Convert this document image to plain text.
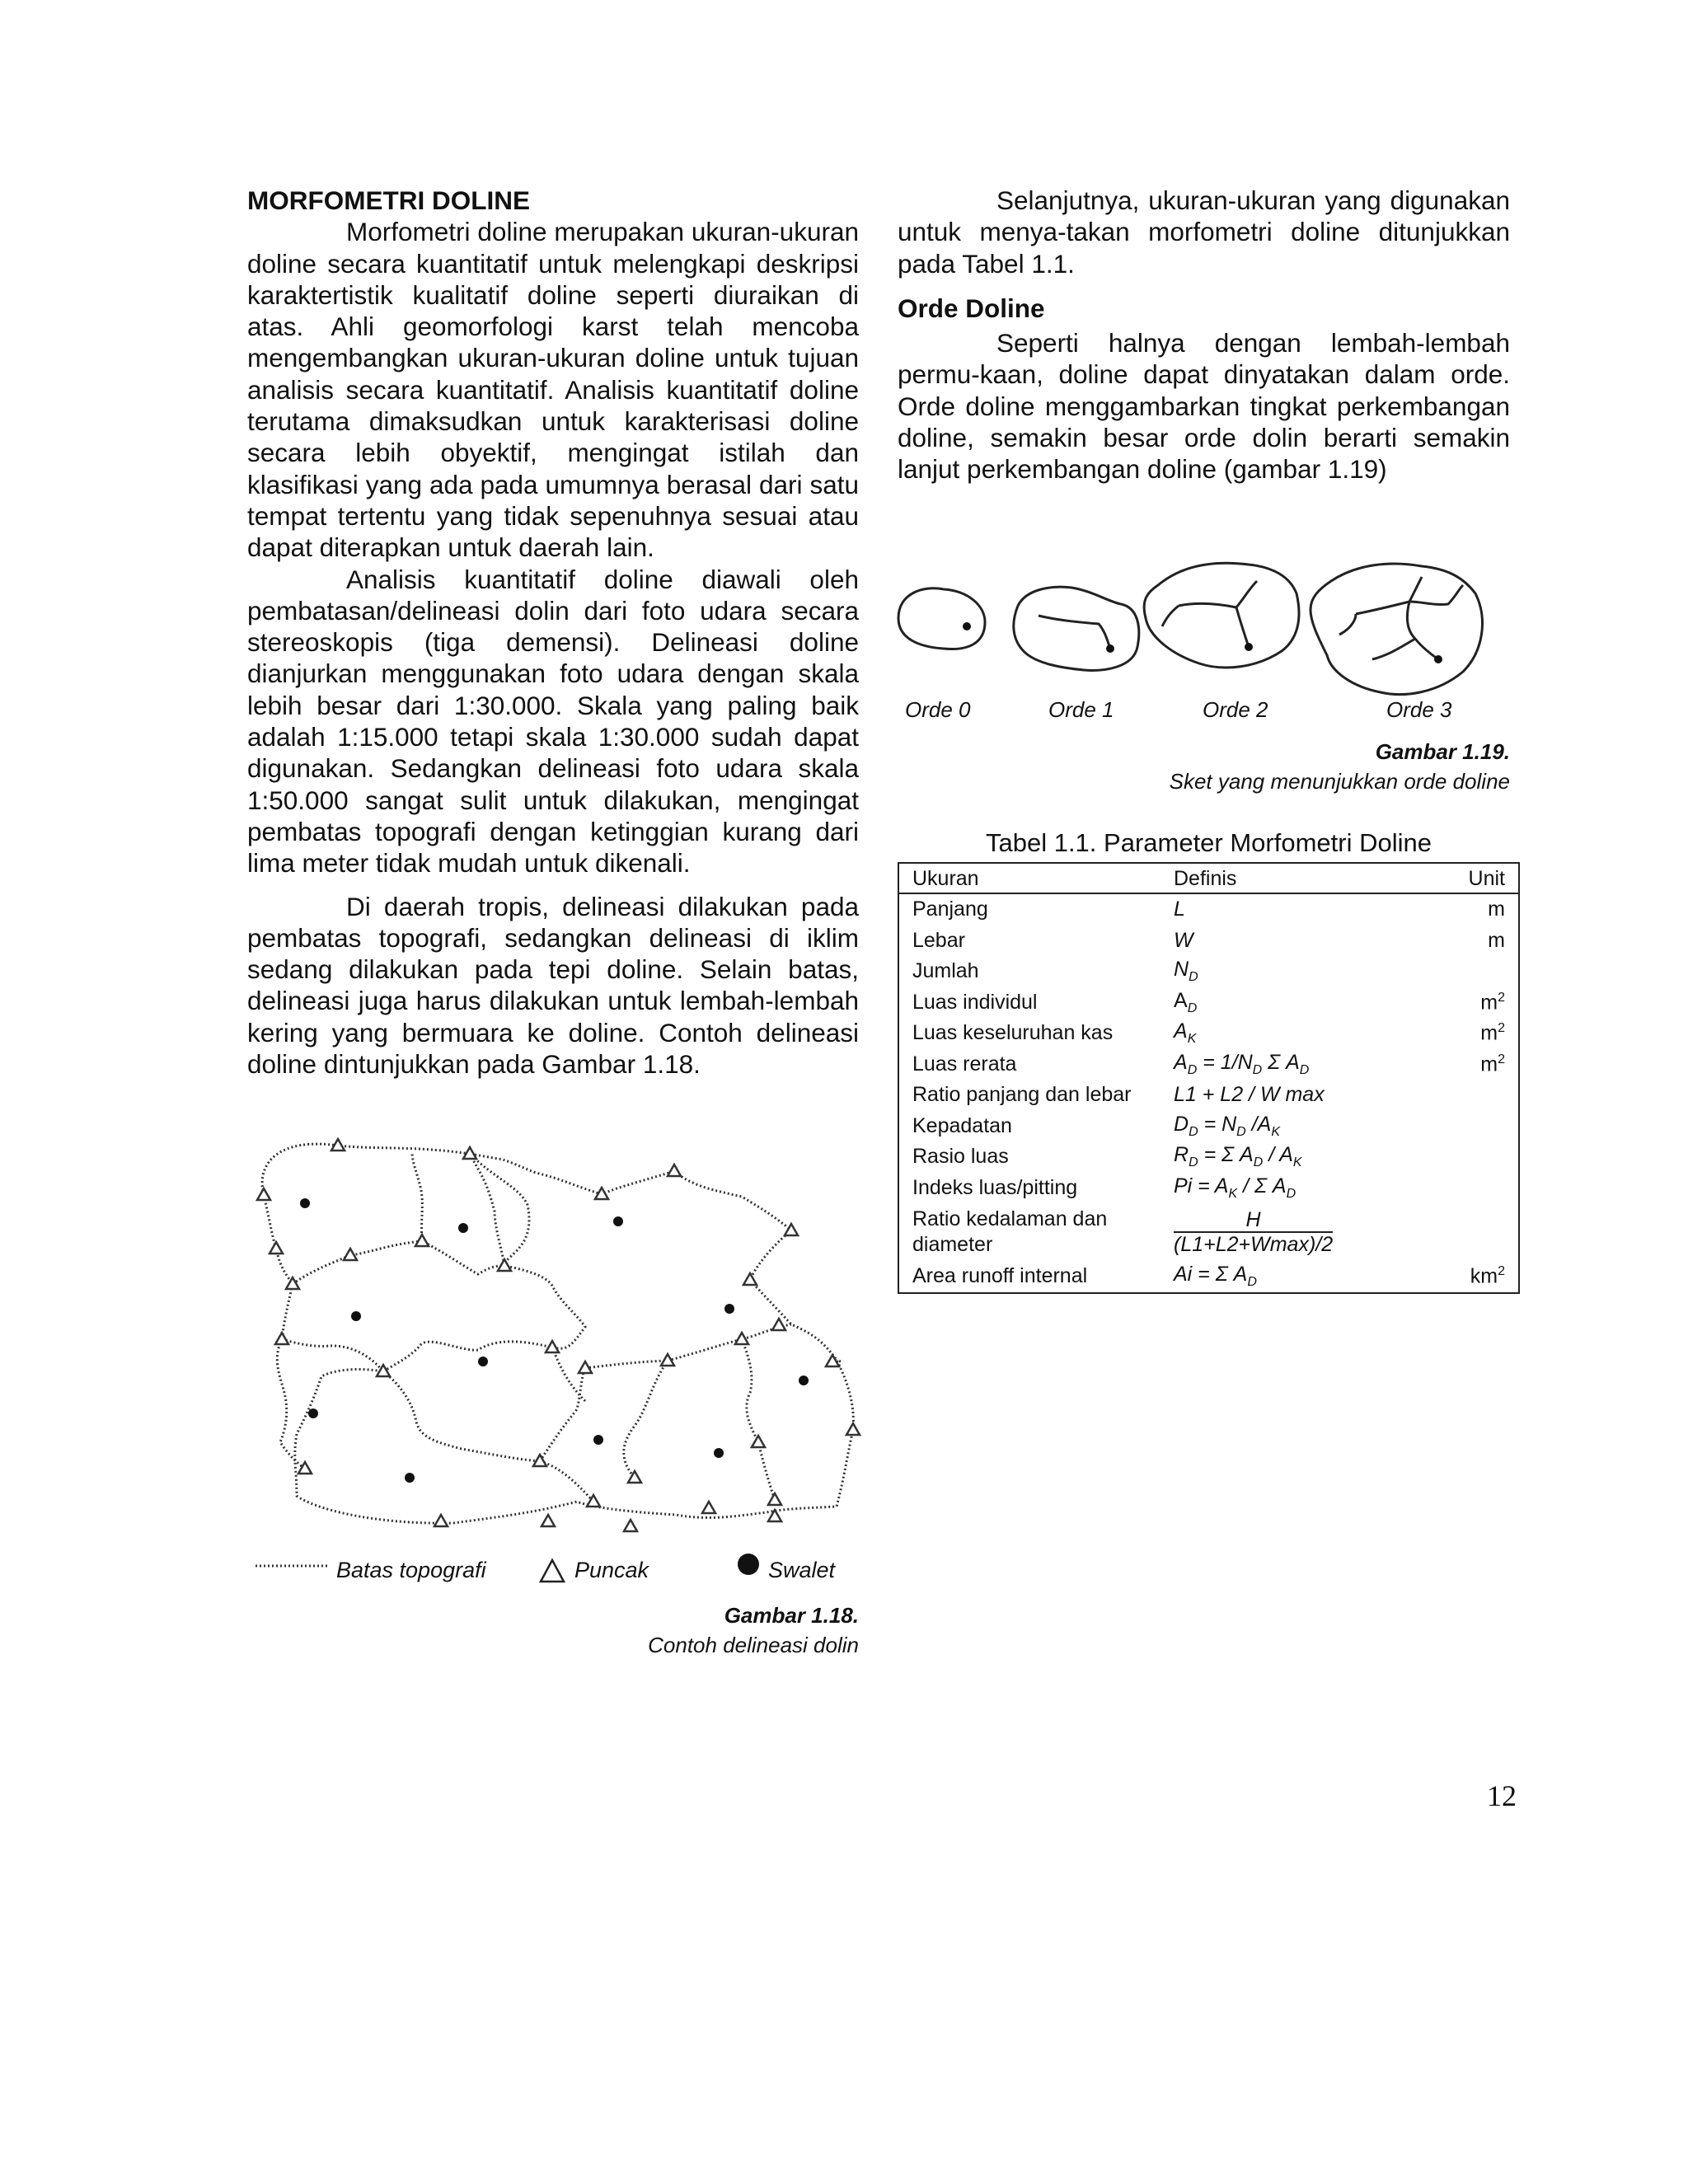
MORFOMETRI DOLINE

Morfometri doline merupakan ukuran-ukuran doline secara kuantitatif untuk melengkapi deskripsi karaktertistik kualitatif doline seperti diuraikan di atas. Ahli geomorfologi karst telah mencoba mengembangkan ukuran-ukuran doline untuk tujuan analisis secara kuantitatif. Analisis kuantitatif doline terutama dimaksudkan untuk karakterisasi doline secara lebih obyektif, mengingat istilah dan klasifikasi yang ada pada umumnya berasal dari satu tempat tertentu yang tidak sepenuhnya sesuai atau dapat diterapkan untuk daerah lain.

Analisis kuantitatif doline diawali oleh pembatasan/delineasi dolin dari foto udara secara stereoskopis (tiga demensi). Delineasi doline dianjurkan menggunakan foto udara dengan skala lebih besar dari 1:30.000. Skala yang paling baik adalah 1:15.000 tetapi skala 1:30.000 sudah dapat digunakan. Sedangkan delineasi foto udara skala 1:50.000 sangat sulit untuk dilakukan, mengingat pembatas topografi dengan ketinggian kurang dari lima meter tidak mudah untuk dikenali.

Di daerah tropis, delineasi dilakukan pada pembatas topografi, sedangkan delineasi di iklim sedang dilakukan pada tepi doline. Selain batas, delineasi juga harus dilakukan untuk lembah-lembah kering yang bermuara ke doline. Contoh delineasi doline dintunjukkan pada Gambar 1.18.

Batas topografi	Puncak	Swalet
Gambar 1.18.
Contoh delineasi dolin

Selanjutnya, ukuran-ukuran yang digunakan untuk menya-takan morfometri doline ditunjukkan pada Tabel 1.1.

Orde Doline

Seperti halnya dengan lembah-lembah permu-kaan, doline dapat dinyatakan dalam orde. Orde doline menggambarkan tingkat perkembangan doline, semakin besar orde dolin berarti semakin lanjut perkembangan doline (gambar 1.19)

Orde 0	Orde 1	Orde 2	Orde 3
Gambar 1.19.
Sket yang menunjukkan orde doline
Tabel 1.1. Parameter Morfometri Doline
Ukuran	Definis	Unit
Panjang	L	m
Lebar	W	m
Jumlah	$N_D$	
Luas individul	$A_D$	$m^2$
Luas keseluruhan kas	$A_K$	$m^2$
Luas rerata	$A_D = 1/N_D$ Σ $A_D$	$m^2$
Ratio panjang dan lebar	L1 + L2 / W max	
Kepadatan	$D_D = N_D$ $/A_K$	
Rasio luas	$R_D = \Sigma$ $A_D / A_K$	
Indeks luas/pitting	$Pi = A_K / \Sigma$ $A_D$	
Ratio kedalaman dan diameter	$\frac{H}{(L1+L2+Wmax)/2}$	
Area runoff internal	Ai = Σ $A_D$	$km^2$
12
